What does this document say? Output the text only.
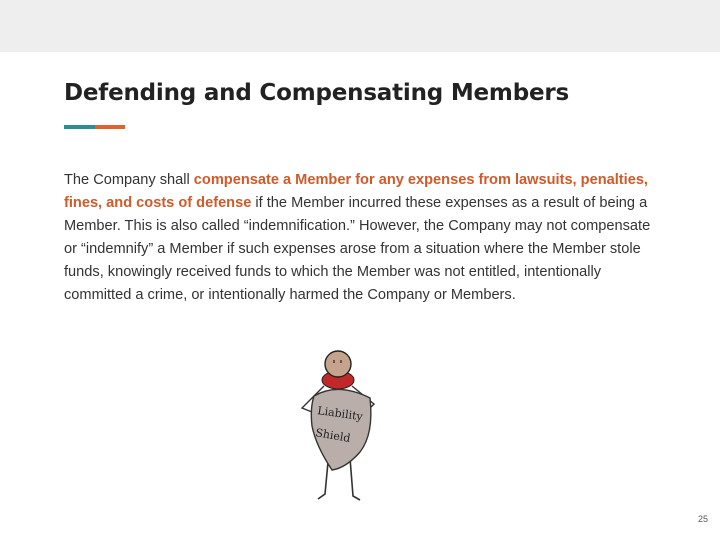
Defending and Compensating Members

The Company shall compensate a Member for any expenses from lawsuits, penalties, fines, and costs of defense if the Member incurred these expenses as a result of being a Member. This is also called “indemnification.” However, the Company may not compensate or “indemnify” a Member if such expenses arose from a situation where the Member stole funds, knowingly received funds to which the Member was not entitled, intentionally committed a crime, or intentionally harmed the Company or Members.

Liability
Shield
25
